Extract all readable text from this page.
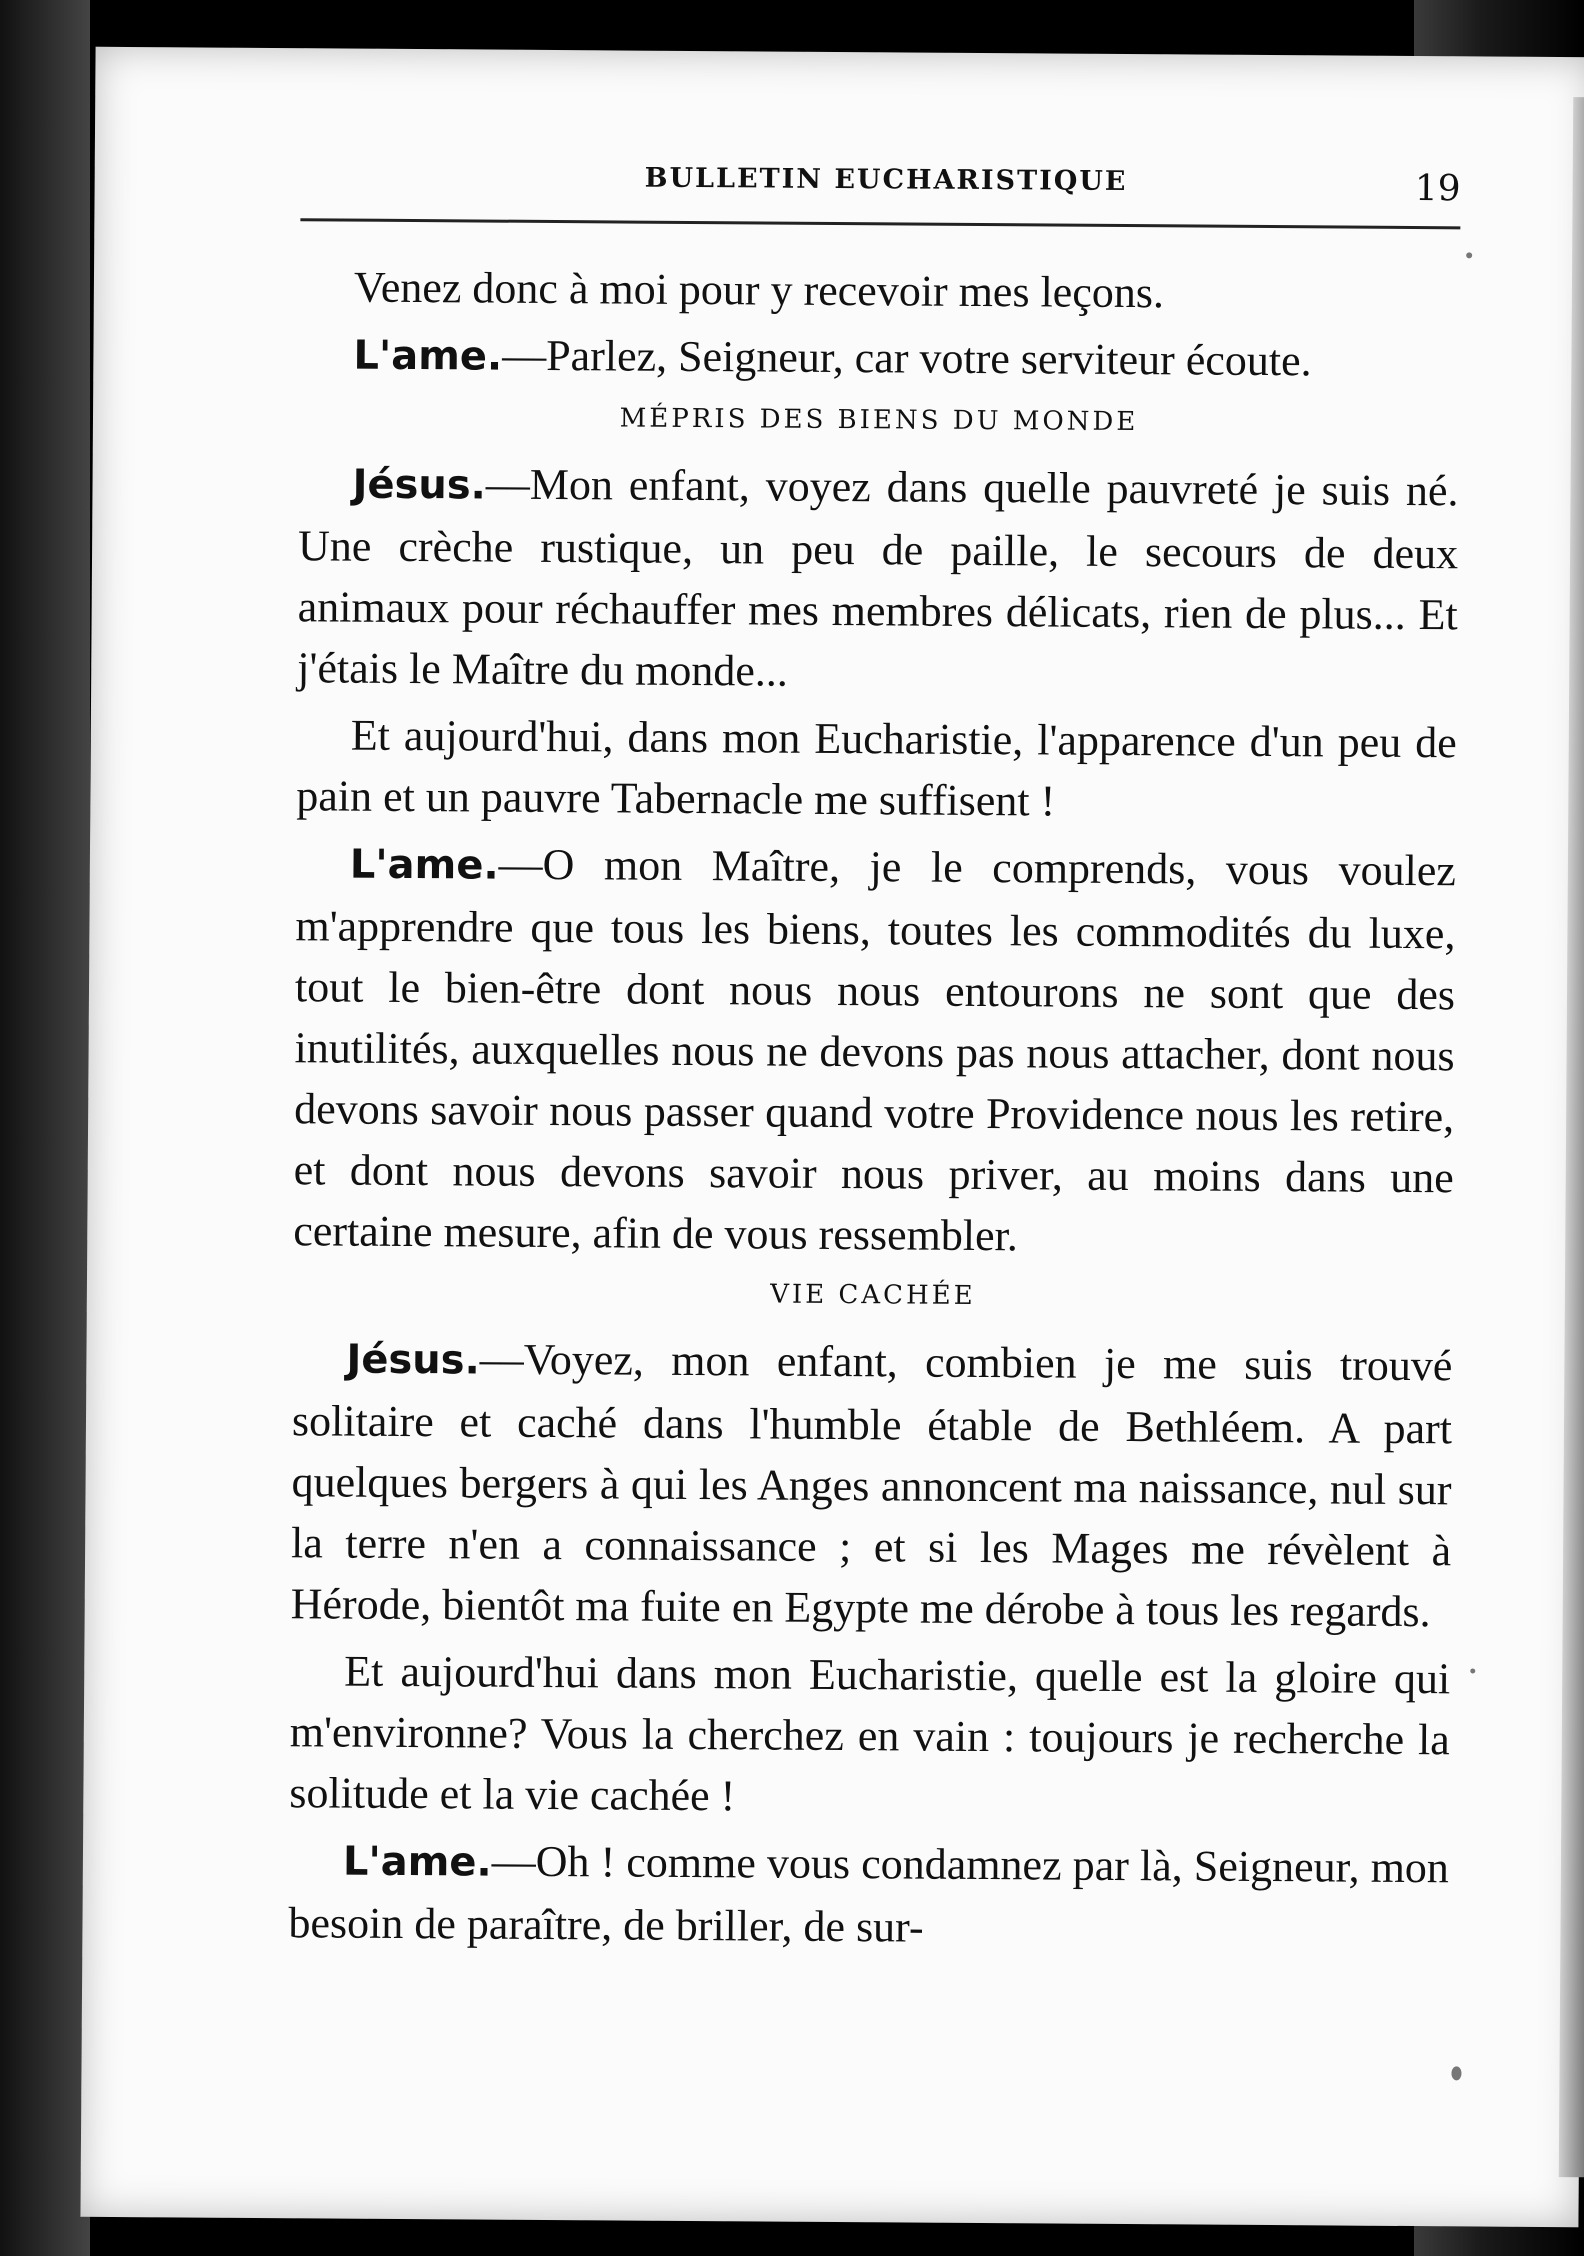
BULLETIN EUCHARISTIQUE	19

Venez donc à moi pour y recevoir mes leçons.

L'ame.—Parlez, Seigneur, car votre serviteur écoute.

MÉPRIS DES BIENS DU MONDE

Jésus.—Mon enfant, voyez dans quelle pauvreté je suis né. Une crèche rustique, un peu de paille, le secours de deux animaux pour réchauffer mes membres délicats, rien de plus... Et j'étais le Maître du monde...

Et aujourd'hui, dans mon Eucharistie, l'apparence d'un peu de pain et un pauvre Tabernacle me suffisent !

L'ame.—O mon Maître, je le comprends, vous voulez m'apprendre que tous les biens, toutes les commodités du luxe, tout le bien-être dont nous nous entourons ne sont que des inutilités, auxquelles nous ne devons pas nous attacher, dont nous devons savoir nous passer quand votre Providence nous les retire, et dont nous devons savoir nous priver, au moins dans une certaine mesure, afin de vous ressembler.

VIE CACHÉE

Jésus.—Voyez, mon enfant, combien je me suis trouvé solitaire et caché dans l'humble étable de Bethléem. A part quelques bergers à qui les Anges annoncent ma naissance, nul sur la terre n'en a connaissance ; et si les Mages me révèlent à Hérode, bientôt ma fuite en Egypte me dérobe à tous les regards.

Et aujourd'hui dans mon Eucharistie, quelle est la gloire qui m'environne? Vous la cherchez en vain : toujours je recherche la solitude et la vie cachée !

L'ame.—Oh ! comme vous condamnez par là, Seigneur, mon besoin de paraître, de briller, de sur-
